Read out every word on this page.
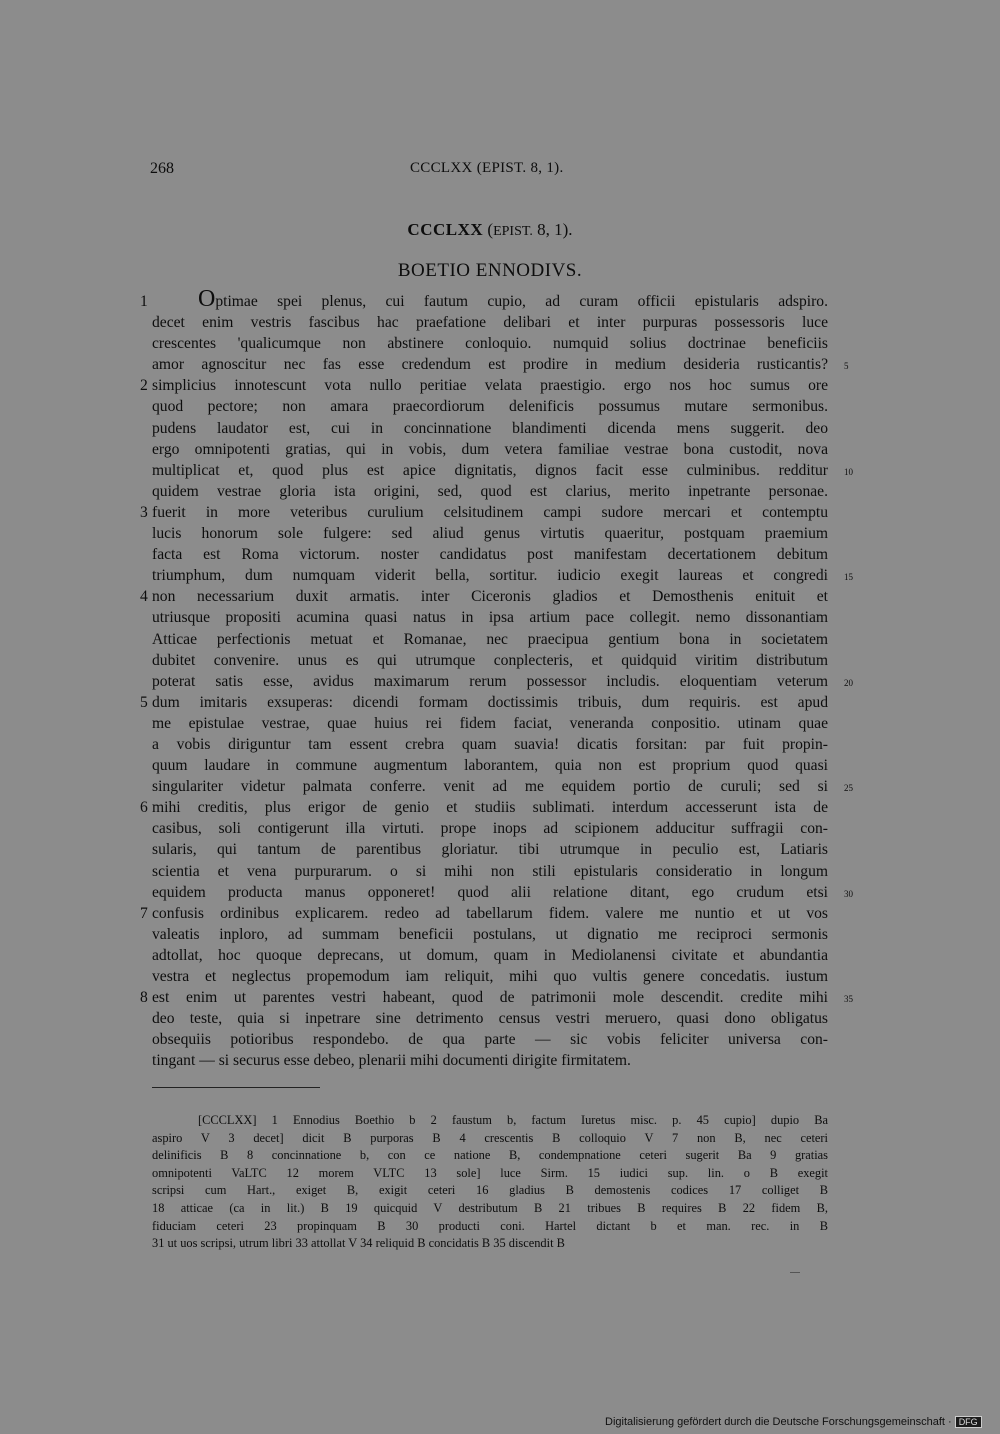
268	CCCLXX (EPIST. 8, 1).
CCCLXX (EPIST. 8, 1).
BOETIO ENNODIVS.
1	Optimae spei plenus, cui fautum cupio, ad curam officii epistularis adspiro.
decet enim vestris fascibus hac praefatione delibari et inter purpuras possessoris luce
crescentes 'qualicumque non abstinere conloquio. numquid solius doctrinae beneficiis
amor agnoscitur nec fas esse credendum est prodire in medium desideria rusticantis? 5
2 simplicius innotescunt vota nullo peritiae velata praestigio. ergo nos hoc sumus ore
quod pectore; non amara praecordiorum delenificis possumus mutare sermonibus.
pudens laudator est, cui in concinnatione blandimenti dicenda mens suggerit. deo
ergo omnipotenti gratias, qui in vobis, dum vetera familiae vestrae bona custodit, nova
multiplicat et, quod plus est apice dignitatis, dignos facit esse culminibus. redditur 10
quidem vestrae gloria ista origini, sed, quod est clarius, merito inpetrante personae.
3 fuerit in more veteribus curulium celsitudinem campi sudore mercari et contemptu
lucis honorum sole fulgere: sed aliud genus virtutis quaeritur, postquam praemium
facta est Roma victorum. noster candidatus post manifestam decertationem debitum
triumphum, dum numquam viderit bella, sortitur. iudicio exegit laureas et congredi 15
4 non necessarium duxit armatis. inter Ciceronis gladios et Demosthenis enituit et
utriusque propositi acumina quasi natus in ipsa artium pace collegit. nemo dissonantiam
Atticae perfectionis metuat et Romanae, nec praecipua gentium bona in societatem
dubitet convenire. unus es qui utrumque conplecteris, et quidquid viritim distributum
poterat satis esse, avidus maximarum rerum possessor includis. eloquentiam veterum 20
5 dum imitaris exsuperas: dicendi formam doctissimis tribuis, dum requiris. est apud
me epistulae vestrae, quae huius rei fidem faciat, veneranda conpositio. utinam quae
a vobis diriguntur tam essent crebra quam suavia! dicatis forsitan: par fuit propin-
quum laudare in commune augmentum laborantem, quia non est proprium quod quasi
singulariter videtur palmata conferre. venit ad me equidem portio de curuli; sed si 25
6 mihi creditis, plus erigor de genio et studiis sublimati. interdum accesserunt ista de
casibus, soli contigerunt illa virtuti. prope inops ad scipionem adducitur suffragii con-
sularis, qui tantum de parentibus gloriatur. tibi utrumque in peculio est, Latiaris
scientia et vena purpurarum. o si mihi non stili epistularis consideratio in longum
equidem producta manus opponeret! quod alii relatione ditant, ego crudum etsi 30
7 confusis ordinibus explicarem. redeo ad tabellarum fidem. valere me nuntio et ut vos
valeatis inploro, ad summam beneficii postulans, ut dignatio me reciproci sermonis
adtollat, hoc quoque deprecans, ut domum, quam in Mediolanensi civitate et abundantia
vestra et neglectus propemodum iam reliquit, mihi quo vultis genere concedatis. iustum
8 est enim ut parentes vestri habeant, quod de patrimonii mole descendit. credite mihi 35
deo teste, quia si inpetrare sine detrimento census vestri meruero, quasi dono obligatus
obsequiis potioribus respondebo. de qua parte — sic vobis feliciter universa con-
tingant — si securus esse debeo, plenarii mihi documenti dirigite firmitatem.
[CCCLXX] 1 Ennodius Boethio b 2 faustum b, factum Iuretus misc. p. 45 cupio] dupio Ba
aspiro V 3 decet] dicit B purporas B 4 crescentis B colloquio V 7 non B, nec ceteri
delinificis B 8 concinnatione b, con ce natione B, condempnatione ceteri sugerit Ba 9 gratias
omnipotenti VaLTC 12 morem VLTC 13 sole] luce Sirm. 15 iudici sup. lin. o B exegit
scripsi cum Hart., exiget B, exigit ceteri 16 gladius B demostenis codices 17 colliget B
18 atticae (ca in lit.) B 19 quicquid V destributum B 21 tribues B requires B 22 fidem B,
fiduciam ceteri 23 propinquam B 30 producti coni. Hartel dictant b et man. rec. in B
31 ut uos scripsi, utrum libri 33 attollat V 34 reliquid B concidatis B 35 discendit B
Digitalisierung gefördert durch die Deutsche Forschungsgemeinschaft · DFG
